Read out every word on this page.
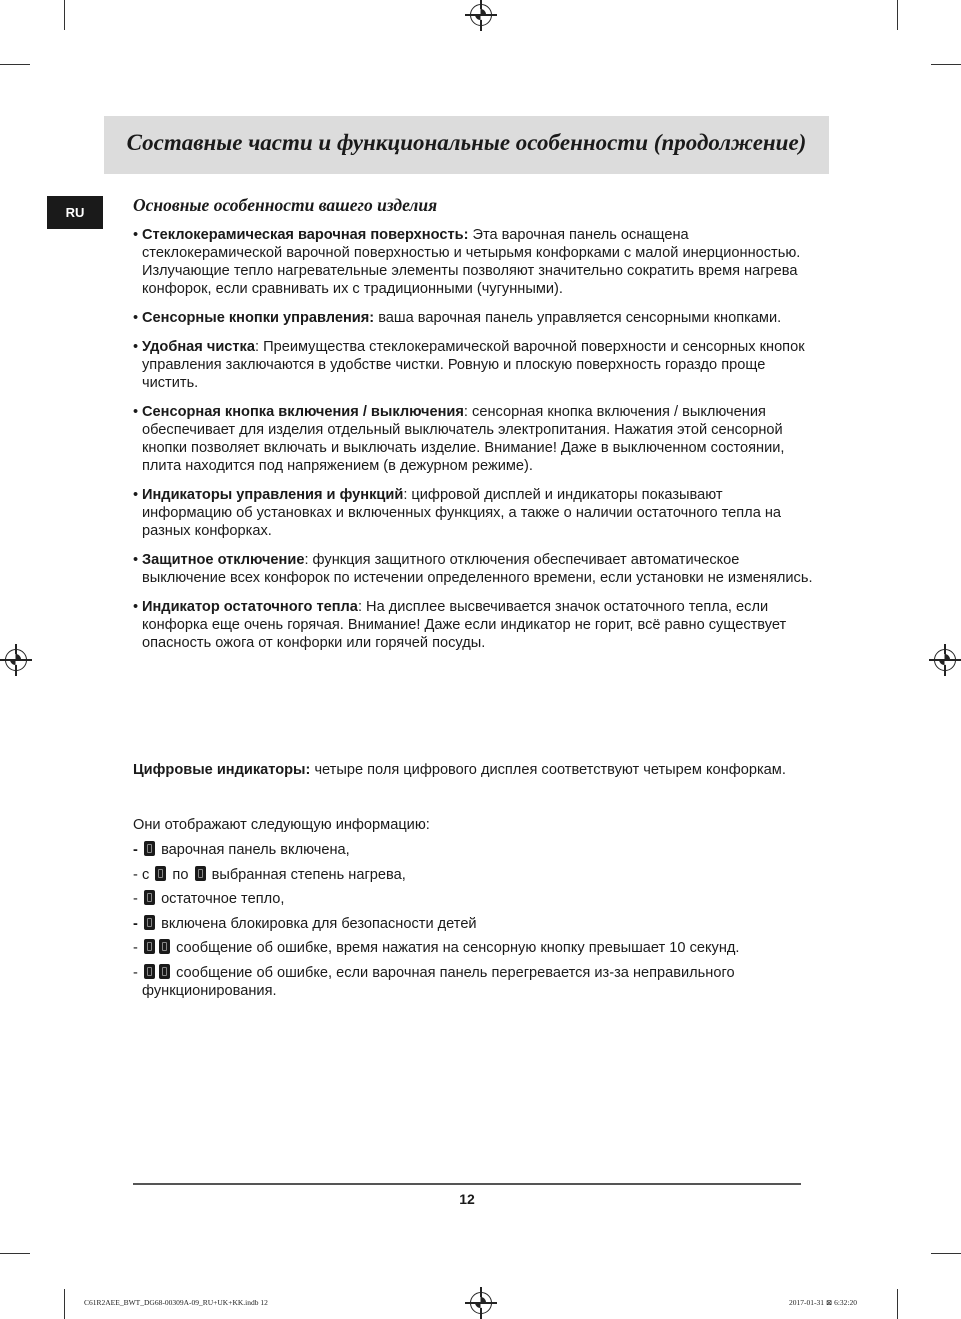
Составные части и функциональные особенности (продолжение)
RU	Основные особенности вашего изделия
• Стеклокерамическая варочная поверхность: Эта варочная панель оснащена стеклокерамической варочной поверхностью и четырьмя конфорками с малой инерционностью. Излучающие тепло нагревательные элементы позволяют значительно сократить время нагрева конфорок, если сравнивать их с традиционными (чугунными).
• Сенсорные кнопки управления: ваша варочная панель управляется сенсорными кнопками.
• Удобная чистка: Преимущества стеклокерамической варочной поверхности и сенсорных кнопок управления заключаются в удобстве чистки. Ровную и плоскую поверхность гораздо проще чистить.
• Сенсорная кнопка включения / выключения: сенсорная кнопка включения / выключения обеспечивает для изделия отдельный выключатель электропитания. Нажатия этой сенсорной кнопки позволяет включать и выключать изделие. Внимание! Даже в выключенном состоянии, плита находится под напряжением (в дежурном режиме).
• Индикаторы управления и функций: цифровой дисплей и индикаторы показывают информацию об установках и включенных функциях, а также о наличии остаточного тепла на разных конфорках.
• Защитное отключение: функция защитного отключения обеспечивает автоматическое выключение всех конфорок по истечении определенного времени, если установки не изменялись.
• Индикатор остаточного тепла: На дисплее высвечивается значок остаточного тепла, если конфорка еще очень горячая. Внимание! Даже если индикатор не горит, всё равно существует опасность ожога от конфорки или горячей посуды.
Цифровые индикаторы: четыре поля цифрового дисплея соответствуют четырем конфоркам.
Они отображают следующую информацию:
- варочная панель включена,
- с по выбранная степень нагрева,
- остаточное тепло,
- включена блокировка для безопасности детей
-	сообщение об ошибке, время нажатия на сенсорную кнопку превышает 10 секунд.
-	сообщение об ошибке, если варочная панель перегревается из-за неправильного функционирования.
12
C61R2AEE_BWT_DG68-00309A-09_RU+UK+KK.indb 12	2017-01-31 ⊠ 6:32:20
